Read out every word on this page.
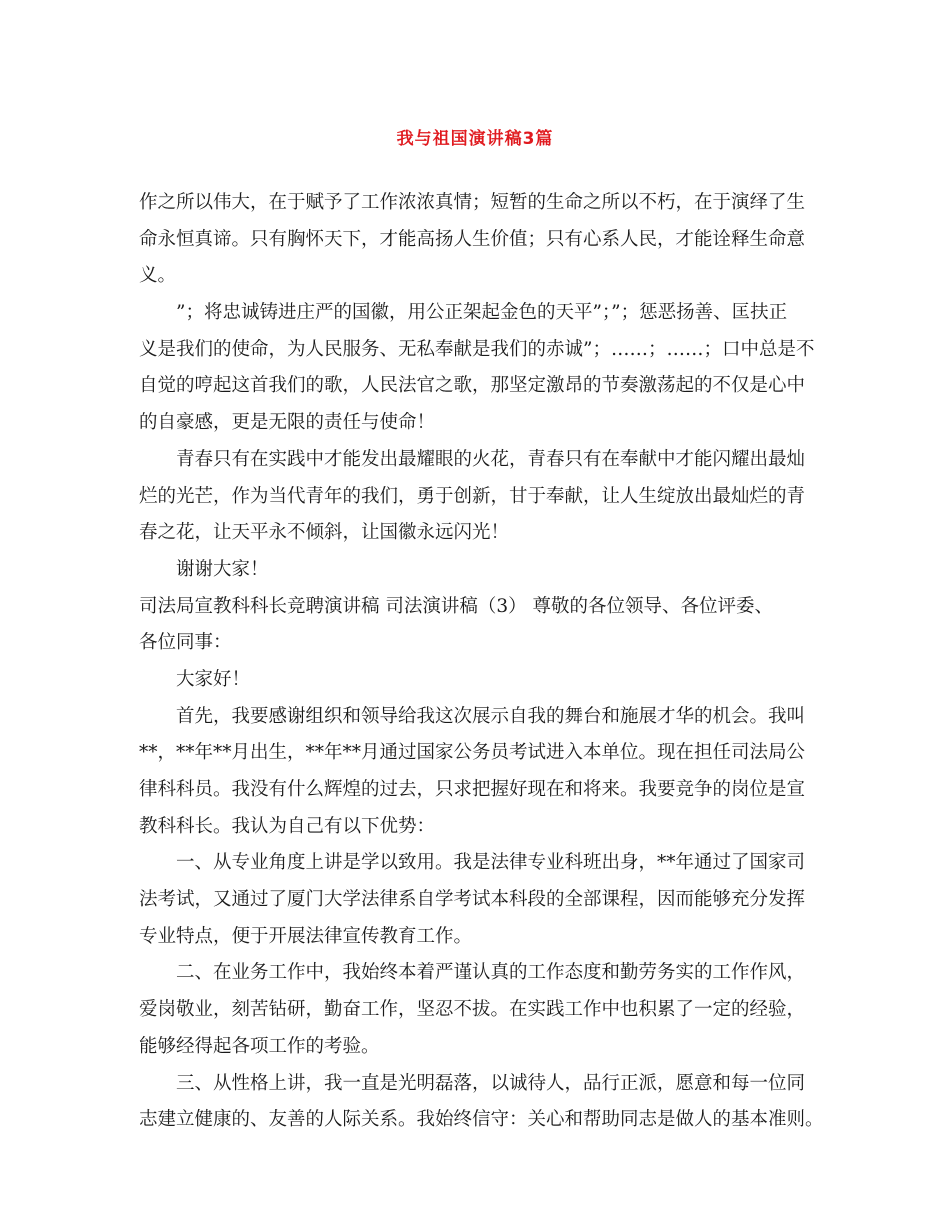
我与祖国演讲稿3篇
作之所以伟大，在于赋予了工作浓浓真情；短暂的生命之所以不朽，在于演绎了生
命永恒真谛。只有胸怀天下，才能高扬人生价值；只有心系人民，才能诠释生命意
义。
”；将忠诚铸进庄严的国徽，用公正架起金色的天平”；”；惩恶扬善、匡扶正
义是我们的使命，为人民服务、无私奉献是我们的赤诚”；……；……；口中总是不
自觉的哼起这首我们的歌，人民法官之歌，那坚定激昂的节奏激荡起的不仅是心中
的自豪感，更是无限的责任与使命！
青春只有在实践中才能发出最耀眼的火花，青春只有在奉献中才能闪耀出最灿
烂的光芒，作为当代青年的我们，勇于创新，甘于奉献，让人生绽放出最灿烂的青
春之花，让天平永不倾斜，让国徽永远闪光！
谢谢大家！
司法局宣教科科长竞聘演讲稿 司法演讲稿（3） 尊敬的各位领导、各位评委、
各位同事：
大家好！
首先，我要感谢组织和领导给我这次展示自我的舞台和施展才华的机会。我叫
**，**年**月出生，**年**月通过国家公务员考试进入本单位。现在担任司法局公
律科科员。我没有什么辉煌的过去，只求把握好现在和将来。我要竞争的岗位是宣
教科科长。我认为自己有以下优势：
一、从专业角度上讲是学以致用。我是法律专业科班出身，**年通过了国家司
法考试，又通过了厦门大学法律系自学考试本科段的全部课程，因而能够充分发挥
专业特点，便于开展法律宣传教育工作。
二、在业务工作中，我始终本着严谨认真的工作态度和勤劳务实的工作作风，
爱岗敬业，刻苦钻研，勤奋工作，坚忍不拔。在实践工作中也积累了一定的经验，
能够经得起各项工作的考验。
三、从性格上讲，我一直是光明磊落，以诚待人，品行正派，愿意和每一位同
志建立健康的、友善的人际关系。我始终信守：关心和帮助同志是做人的基本准则。
